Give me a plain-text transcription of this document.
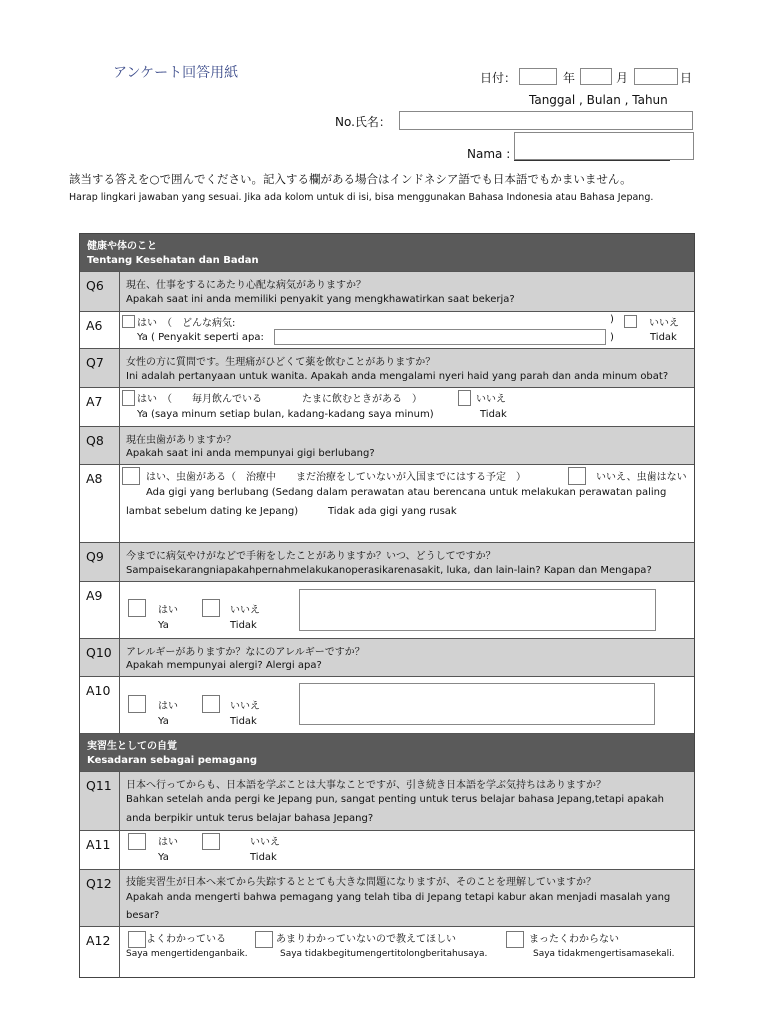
アンケート回答用紙	日付：	年	月	日
Tanggal , Bulan , Tahun
No.氏名：
Nama :
該当する答えを○で囲んでください。記入する欄がある場合はインドネシア語でも日本語でもかまいません。
Harap lingkari jawaban yang sesuai. Jika ada kolom untuk di isi, bisa menggunakan Bahasa Indonesia atau Bahasa Jepang.
健康や体のこと
Tentang Kesehatan dan Badan
Q6	現在、仕事をするにあたり心配な病気がありますか？
Apakah saat ini anda memiliki penyakit yang mengkhawatirkan saat bekerja?
A6	はい　（　どんな病気:	)	いいえ
Ya ( Penyakit seperti apa:	)	Tidak
Q7	女性の方に質問です。生理痛がひどくて薬を飲むことがありますか？
Ini adalah pertanyaan untuk wanita. Apakah anda mengalami nyeri haid yang parah dan anda minum obat?
A7	はい　（　　毎月飲んでいる　　　　たまに飲むときがある　）	いいえ
Ya (saya minum setiap bulan, kadang-kadang saya minum)	Tidak
Q8	現在虫歯がありますか？
Apakah saat ini anda mempunyai gigi berlubang?
A8	はい、虫歯がある（　治療中　　まだ治療をしていないが入国までにはする予定　）	いいえ、虫歯はない
Ada gigi yang berlubang (Sedang dalam perawatan atau berencana untuk melakukan perawatan paling
lambat sebelum dating ke Jepang)	Tidak ada gigi yang rusak
Q9	今までに病気やけがなどで手術をしたことがありますか？いつ、どうしてですか？
Sampaisekarangniapakahpernahmelakukanoperasikarenasakit, luka, dan lain-lain? Kapan dan Mengapa?
A9
はい	いいえ
Ya	Tidak
Q10	アレルギーがありますか？なにのアレルギーですか？
Apakah mempunyai alergi? Alergi apa?
A10
はい	いいえ
Ya	Tidak
実習生としての自覚
Kesadaran sebagai pemagang
Q11	日本へ行ってからも、日本語を学ぶことは大事なことですが、引き続き日本語を学ぶ気持ちはありますか？
Bahkan setelah anda pergi ke Jepang pun, sangat penting untuk terus belajar bahasa Jepang,tetapi apakah
anda berpikir untuk terus belajar bahasa Jepang?
A11	はい	いいえ
Ya	Tidak
Q12	技能実習生が日本へ来てから失踪するととても大きな問題になりますが、そのことを理解していますか？
Apakah anda mengerti bahwa pemagang yang telah tiba di Jepang tetapi kabur akan menjadi masalah yang
besar?
A12	よくわかっている	あまりわかっていないので教えてほしい	まったくわからない
Saya mengertidenganbaik.	Saya tidakbegitumengertitolongberitahusaya.	Saya tidakmengertisamasekali.
